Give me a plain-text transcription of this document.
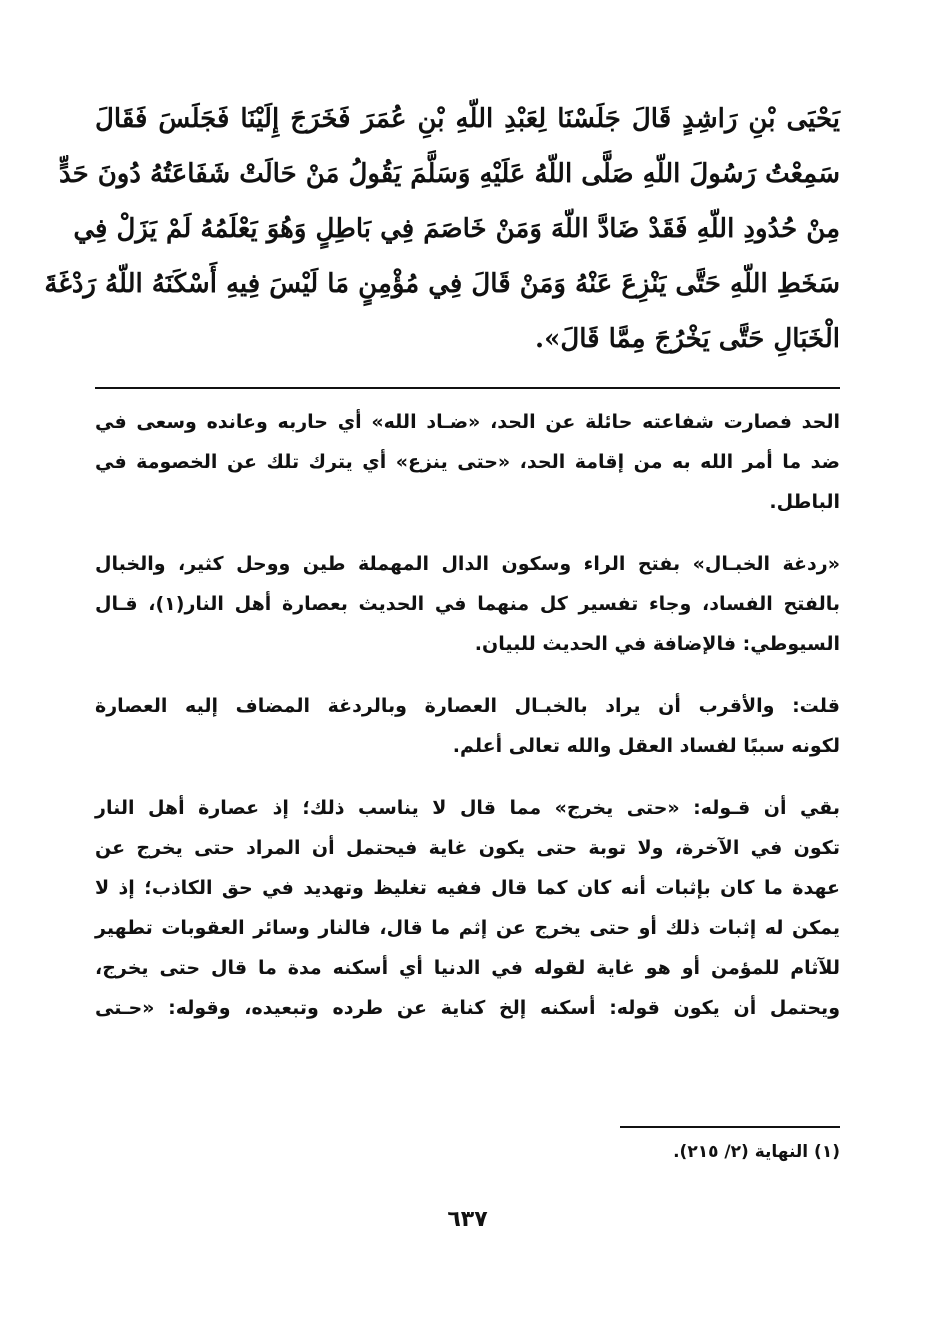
يَحْيَى بْنِ رَاشِدٍ قَالَ جَلَسْنَا لِعَبْدِ اللّهِ بْنِ عُمَرَ فَخَرَجَ إِلَيْنَا فَجَلَسَ فَقَالَ
سَمِعْتُ رَسُولَ اللّهِ صَلَّى اللّهُ عَلَيْهِ وَسَلَّمَ يَقُولُ مَنْ حَالَتْ شَفَاعَتُهُ دُونَ حَدٍّ
مِنْ حُدُودِ اللّهِ فَقَدْ ضَادَّ اللّهَ وَمَنْ خَاصَمَ فِي بَاطِلٍ وَهُوَ يَعْلَمُهُ لَمْ يَزَلْ فِي
سَخَطِ اللّهِ حَتَّى يَنْزِعَ عَنْهُ وَمَنْ قَالَ فِي مُؤْمِنٍ مَا لَيْسَ فِيهِ أَسْكَنَهُ اللّهُ رَدْغَةَ
الْخَبَالِ حَتَّى يَخْرُجَ مِمَّا قَالَ».
الحد فصارت شفاعته حائلة عن الحد، «ضـاد الله» أي حاربه وعانده وسعى في
ضد ما أمر الله به من إقامة الحد، «حتى ينزع» أي يترك تلك عن الخصومة في
الباطل.
«ردغة الخبـال» بفتح الراء وسكون الدال المهملة طين ووحل كثير، والخبال
بالفتح الفساد، وجاء تفسير كل منهما في الحديث بعصارة أهل النار(١)، قـال
السيوطي: فالإضافة في الحديث للبيان.
قلت: والأقرب أن يراد بالخبـال العصارة وبالردغة المضاف إليه العصارة
لكونه سببًا لفساد العقل والله تعالى أعلم.
بقي أن قـوله: «حتى يخرج» مما قال لا يناسب ذلك؛ إذ عصارة أهل النار
تكون في الآخرة، ولا توبة حتى يكون غاية فيحتمل أن المراد حتى يخرج عن
عهدة ما كان بإثبات أنه كان كما قال ففيه تغليظ وتهديد في حق الكاذب؛ إذ لا
يمكن له إثبات ذلك أو حتى يخرج عن إثم ما قال، فالنار وسائر العقوبات تطهير
للآثام للمؤمن أو هو غاية لقوله في الدنيا أي أسكنه مدة ما قال حتى يخرج،
ويحتمل أن يكون قوله: أسكنه إلخ كناية عن طرده وتبعيده، وقوله: «حـتى
(١) النهاية (٢/ ٢١٥).
٦٣٧
